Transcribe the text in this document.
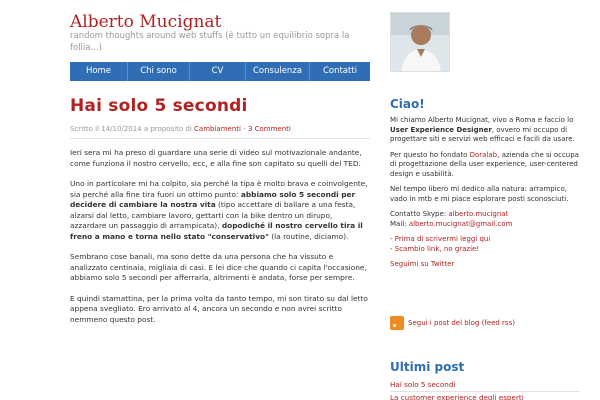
Alberto Mucignat
random thoughts around web stuffs (è tutto un equilibrio sopra la follia...)
Home	Chi sono	CV	Consulenza	Contatti
Hai solo 5 secondi
Scritto il 14/10/2014 a proposito di Cambiamenti - 3 Commenti

Ieri sera mi ha preso di guardare una serie di video sul motivazionale andante, come funziona il nostro cervello, ecc, e alla fine son capitato su quelli del TED.

Uno in particolare mi ha colpito, sia perché la tipa è molto brava e coinvolgente, sia perché alla fine tira fuori un ottimo punto: abbiamo solo 5 secondi per decidere di cambiare la nostra vita (tipo accettare di ballare a una festa, alzarsi dal letto, cambiare lavoro, gettarti con la bike dentro un dirupo, azzardare un passaggio di arrampicata), dopodiché il nostro cervello tira il freno a mano e torna nello stato "conservativo" (la routine, diciamo).

Sembrano cose banali, ma sono dette da una persona che ha vissuto e analizzato centinaia, migliaia di casi. E lei dice che quando ci capita l'occasione, abbiamo solo 5 secondi per afferrarla, altrimenti è andata, forse per sempre.

E quindi stamattina, per la prima volta da tanto tempo, mi son tirato su dal letto appena svegliato. Ero arrivato al 4, ancora un secondo e non avrei scritto nemmeno questo post.

Ciao!

Mi chiamo Alberto Mucignat, vivo a Roma e faccio lo User Experience Designer, ovvero mi occupo di progettare siti e servizi web efficaci e facili da usare.

Per questo ho fondato Doralab, azienda che si occupa di progettazione della user experience, user-centered design e usabilità.

Nel tempo libero mi dedico alla natura: arrampico, vado in mtb e mi piace esplorare posti sconosciuti.

Contatto Skype: alberto.mucignat
Mail: alberto.mucignat@gmail.com

- Prima di scrivermi leggi qui
- Scambio link, no grazie!

Seguimi su Twitter

Segui i post del blog (feed rss)
Ultimi post
Hai solo 5 secondi
La customer experience degli esperti
